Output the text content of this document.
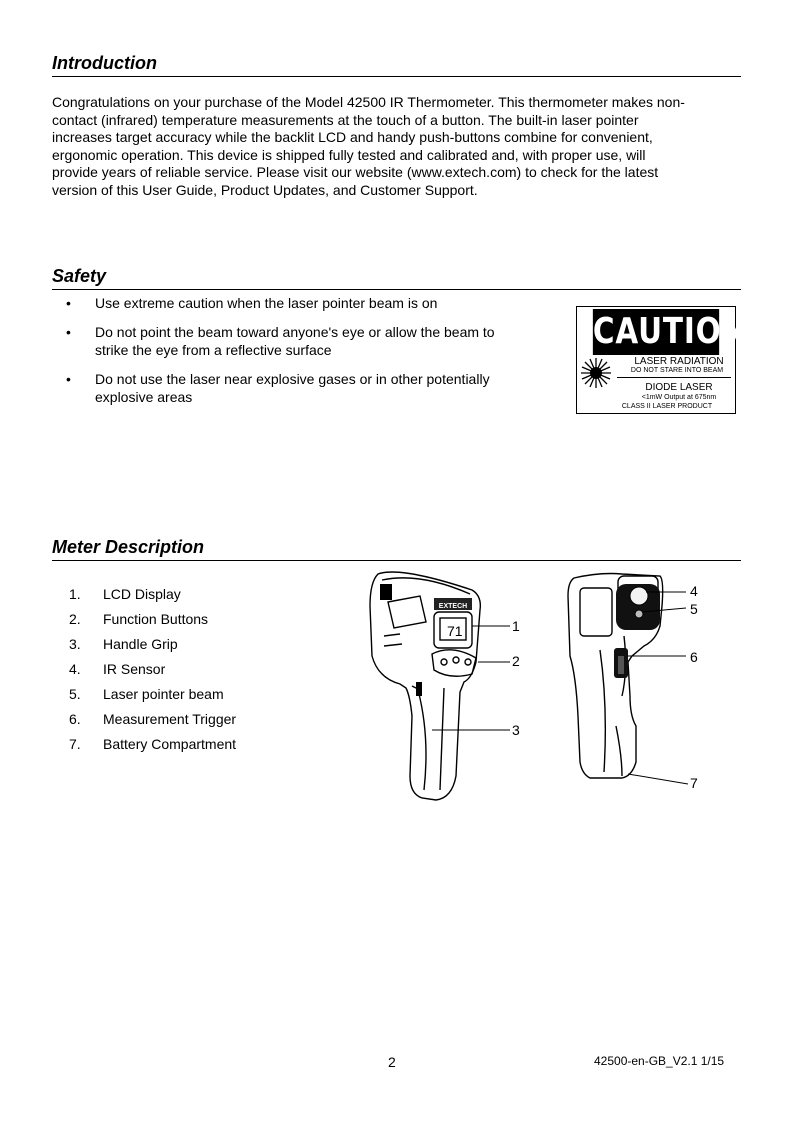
Introduction
Congratulations on your purchase of the Model 42500 IR Thermometer. This thermometer makes non-
contact (infrared) temperature measurements at the touch of a button. The built-in laser pointer
increases target accuracy while the backlit LCD and handy push-buttons combine for convenient,
ergonomic operation. This device is shipped fully tested and calibrated and, with proper use, will
provide years of reliable service. Please visit our website (www.extech.com) to check for the latest
version of this User Guide, Product Updates, and Customer Support.
Safety
• Use extreme caution when the laser pointer beam is on
• Do not point the beam toward anyone's eye or allow the beam to
strike the eye from a reflective surface
• Do not use the laser near explosive gases or in other potentially
explosive areas
CAUTION
LASER RADIATION
DO NOT STARE INTO BEAM
DIODE LASER
<1mW Output at 675nm
CLASS II LASER PRODUCT
Meter Description
1. LCD Display
2. Function Buttons
3. Handle Grip
4. IR Sensor
5. Laser pointer beam
6. Measurement Trigger
7. Battery Compartment
EXTECH
71	1
2
3
4
5
6
7
2	42500-en-GB_V2.1 1/15
